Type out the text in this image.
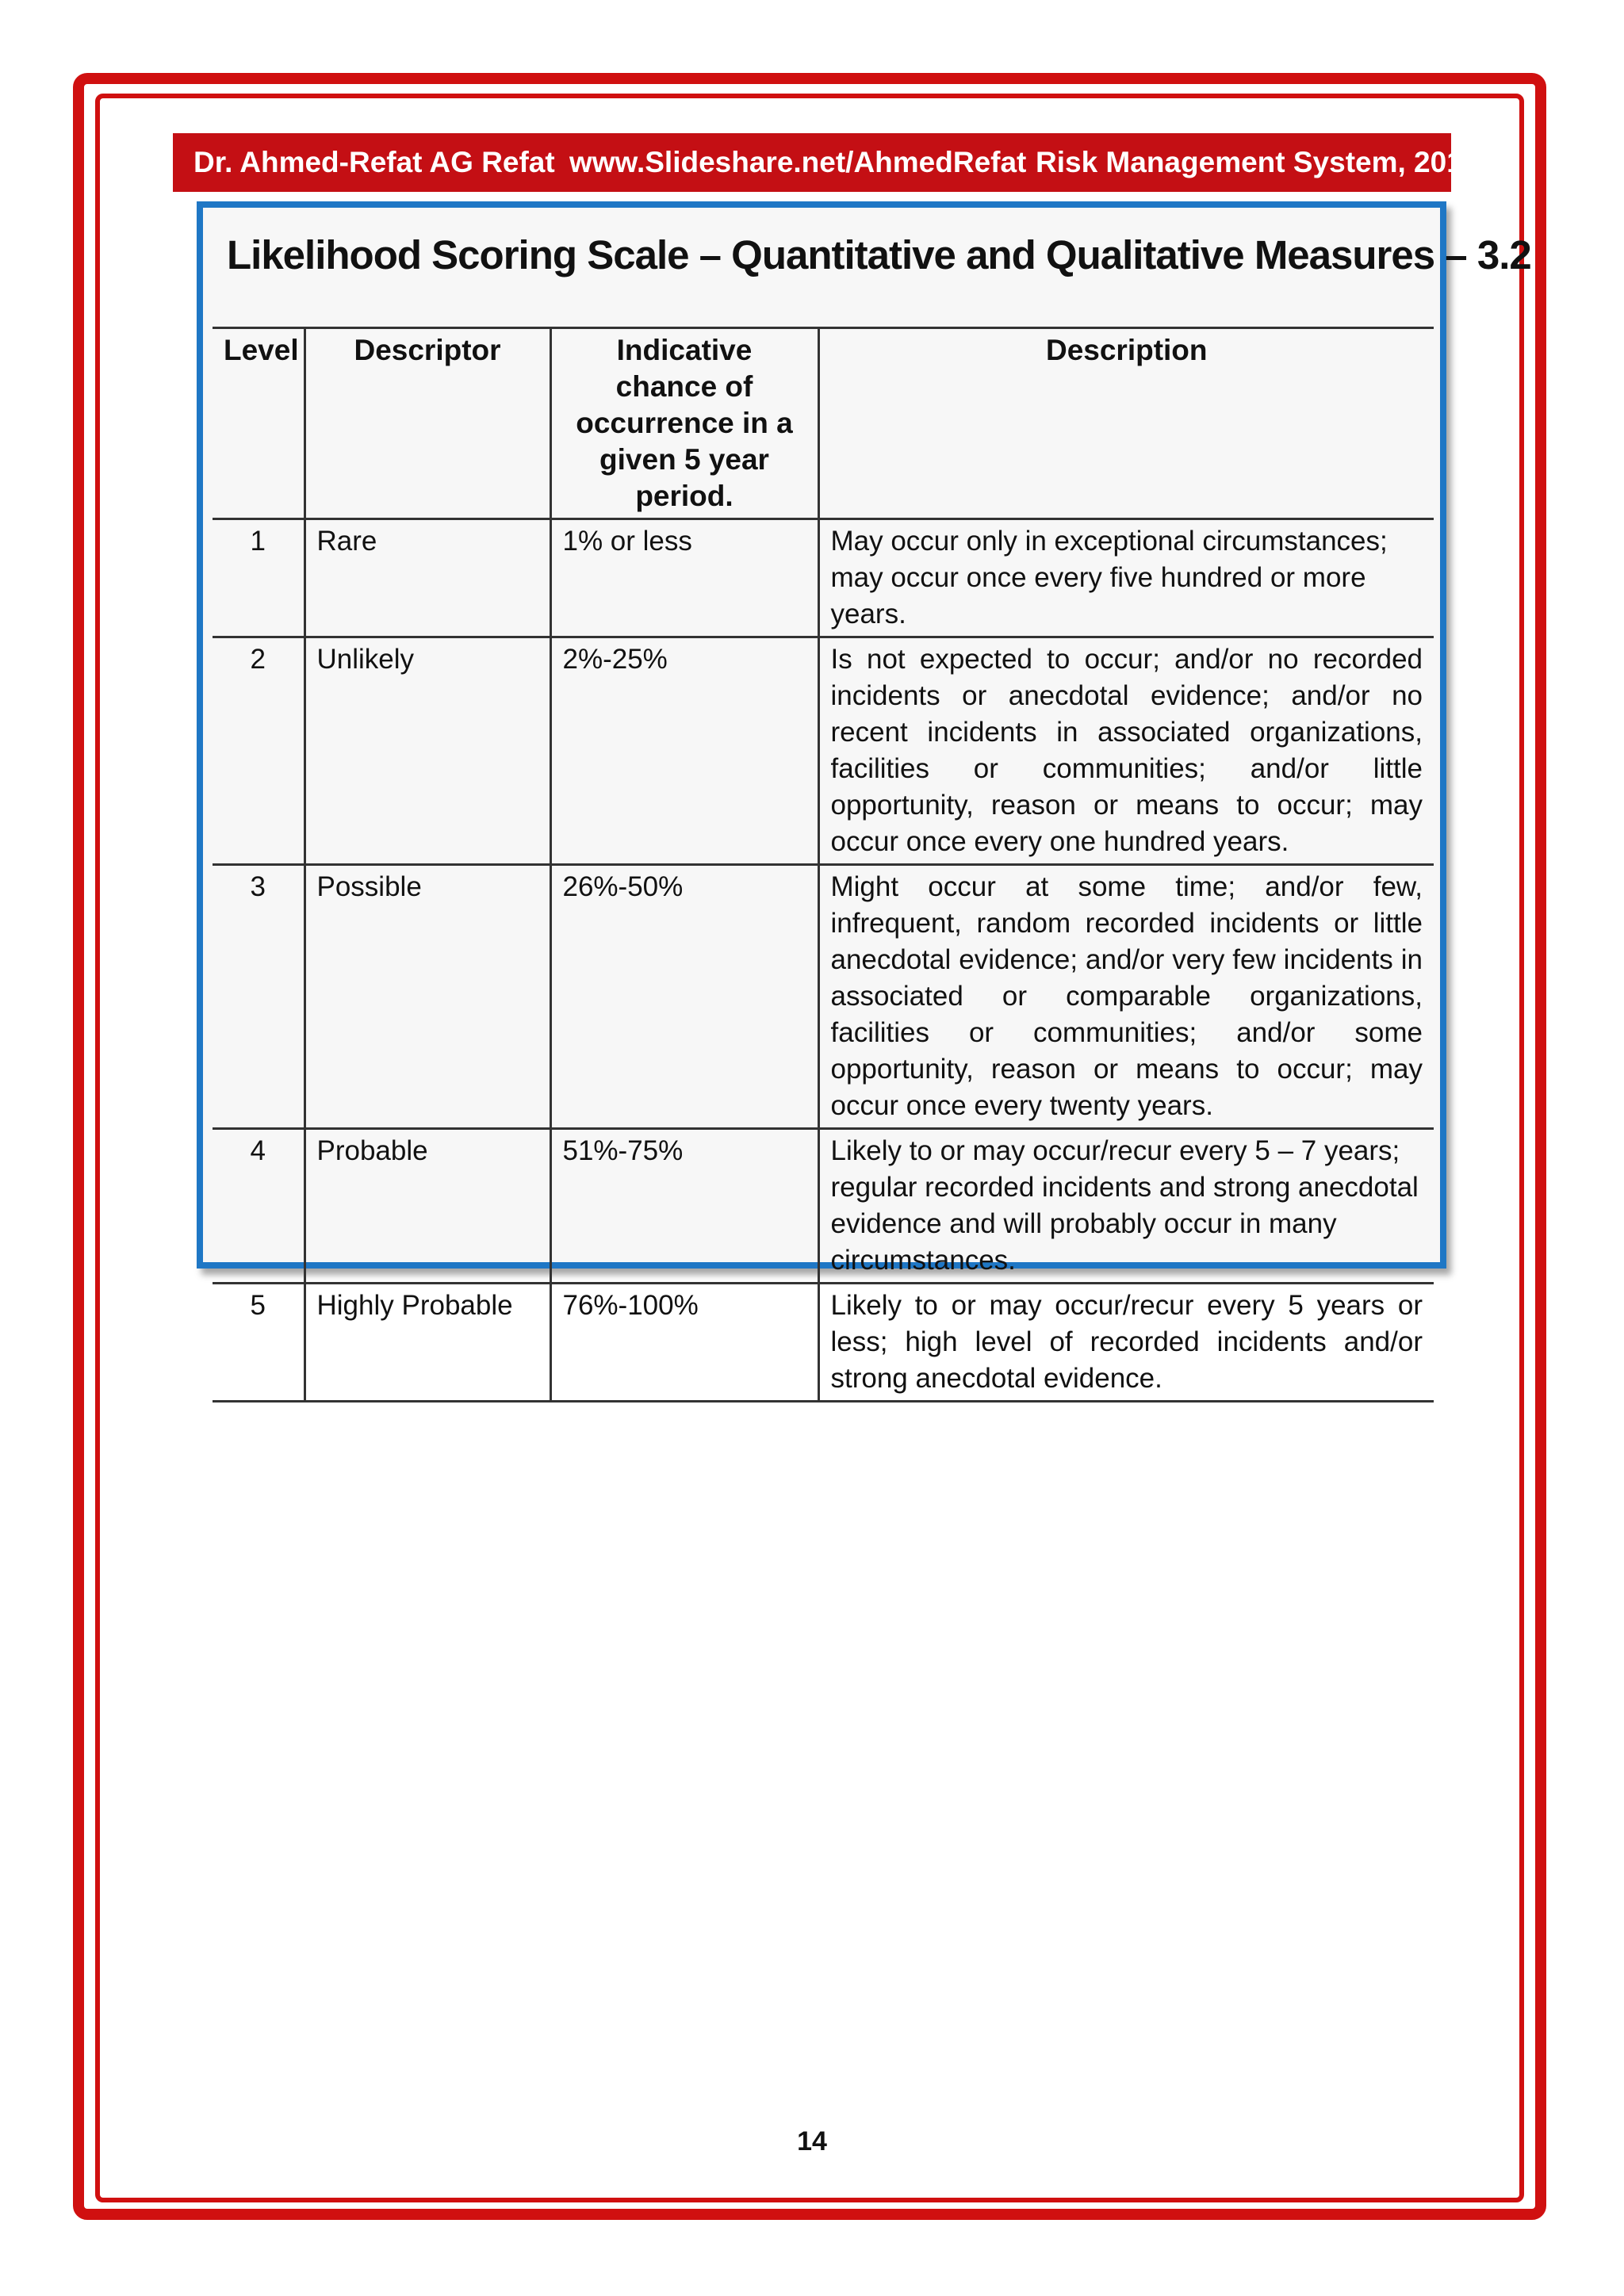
Dr. Ahmed-Refat AG Refat www.Slideshare.net/AhmedRefat Risk Management System, 2012
Likelihood Scoring Scale – Quantitative and Qualitative Measures – 3.2
Level	Descriptor	Indicative chance of occurrence in a given 5 year period.	Description
1	Rare	1% or less	May occur only in exceptional circumstances; may occur once every five hundred or more years.
2	Unlikely	2%-25%	Is not expected to occur; and/or no recorded incidents or anecdotal evidence; and/or no recent incidents in associated organizations, facilities or communities; and/or little opportunity, reason or means to occur; may occur once every one hundred years.
3	Possible	26%-50%	Might occur at some time; and/or few, infrequent, random recorded incidents or little anecdotal evidence; and/or very few incidents in associated or comparable organizations, facilities or communities; and/or some opportunity, reason or means to occur; may occur once every twenty years.
4	Probable	51%-75%	Likely to or may occur/recur every 5 – 7 years; regular recorded incidents and strong anecdotal evidence and will probably occur in many circumstances.
5	Highly Probable	76%-100%	Likely to or may occur/recur every 5 years or less; high level of recorded incidents and/or strong anecdotal evidence.
14
